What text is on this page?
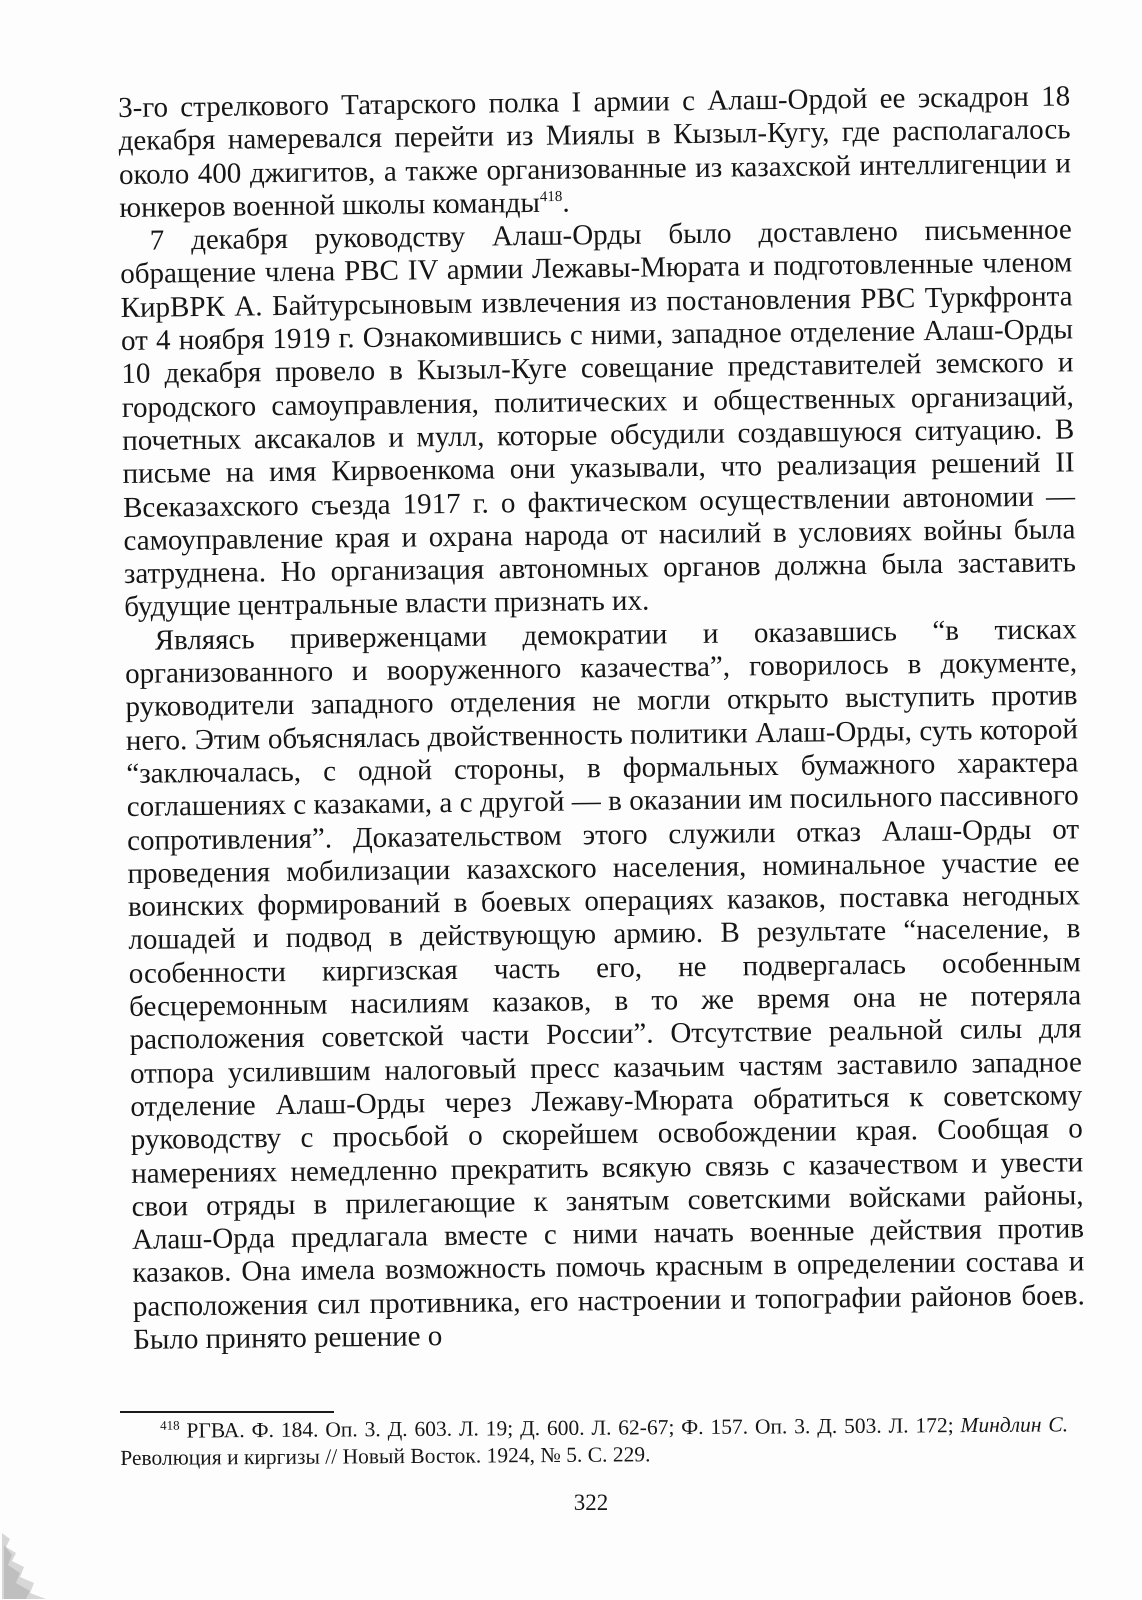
3-го стрелкового Татарского полка I армии с Алаш-Ордой ее эскадрон 18 декабря намеревался перейти из Миялы в Кызыл-Кугу, где располагалось около 400 джигитов, а также организованные из казахской интеллигенции и юнкеров военной школы команды$^{418}$.

7 декабря руководству Алаш-Орды было доставлено письменное обращение члена РВС IV армии Лежавы-Мюрата и подготовленные членом КирВРК А. Байтурсыновым извлечения из постановления РВС Туркфронта от 4 ноября 1919 г. Ознакомившись с ними, западное отделение Алаш-Орды 10 декабря провело в Кызыл-Куге совещание представителей земского и городского самоуправления, политических и общественных организаций, почетных аксакалов и мулл, которые обсудили создавшуюся ситуацию. В письме на имя Кирвоенкома они указывали, что реализация решений II Всеказахского съезда 1917 г. о фактическом осуществлении автономии — самоуправление края и охрана народа от насилий в условиях войны была затруднена. Но организация автономных органов должна была заставить будущие центральные власти признать их.

Являясь приверженцами демократии и оказавшись “в тисках организованного и вооруженного казачества”, говорилось в документе, руководители западного отделения не могли открыто выступить против него. Этим объяснялась двойственность политики Алаш-Орды, суть которой “заключалась, с одной стороны, в формальных бумажного характера соглашениях с казаками, а с другой — в оказании им посильного пассивного сопротивления”. Доказательством этого служили отказ Алаш-Орды от проведения мобилизации казахского населения, номинальное участие ее воинских формирований в боевых операциях казаков, поставка негодных лошадей и подвод в действующую армию. В результате “население, в особенности киргизская часть его, не подвергалась особенным бесцеремонным насилиям казаков, в то же время она не потеряла расположения советской части России”. Отсутствие реальной силы для отпора усилившим налоговый пресс казачьим частям заставило западное отделение Алаш-Орды через Лежаву-Мюрата обратиться к советскому руководству с просьбой о скорейшем освобождении края. Сообщая о намерениях немедленно прекратить всякую связь с казачеством и увести свои отряды в прилегающие к занятым советскими войсками районы, Алаш-Орда предлагала вместе с ними начать военные действия против казаков. Она имела возможность помочь красным в определении состава и расположения сил противника, его настроении и топографии районов боев. Было принято решение о

$^{418}$ РГВА. Ф. 184. Оп. 3. Д. 603. Л. 19; Д. 600. Л. 62-67; Ф. 157. Оп. 3. Д. 503. Л. 172; Миндлин С. Революция и киргизы // Новый Восток. 1924, № 5. С. 229.

322
